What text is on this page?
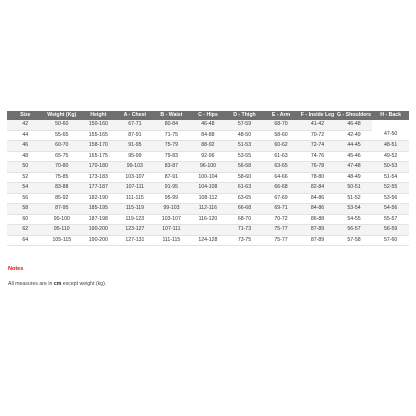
Size	Weight (Kg)	Height	A - Chest	B - Waist	C - Hips	D - Thigh	E - Arm	F - Inside Leg	G - Shoulders	H - Back
42	50-60	150-160	67-71	80-84	46-48	57-59	68-70	41-42	46-48	
44	55-65	155-165	87-91	71-75	84-88	48-50	58-60	70-72	42-49	47-50
46	60-70	158-170	91-95	75-79	88-92	51-53	60-62	72-74	44-45	48-51
48	65-75	165-175	95-99	79-83	92-96	53-55	61-63	74-76	45-46	49-52
50	70-80	170-180	99-103	83-87	96-100	56-58	63-65	76-78	47-48	50-53
52	75-85	173-183	103-107	87-91	100-104	58-60	64-66	78-80	48-49	51-54
54	83-88	177-187	107-111	91-95	104-108	61-63	66-68	82-84	50-51	52-55
56	85-92	182-190	111-115	95-99	108-112	63-65	67-69	84-86	51-52	53-56
58	87-95	185-195	115-119	99-103	112-116	66-68	69-71	84-86	53-54	54-56
60	90-100	187-198	119-123	103-107	116-120	68-70	70-72	86-88	54-55	55-57
62	95-110	190-200	123-127	107-111		71-73	75-77	87-89	56-57	56-59
64	105-115	190-200	127-131	111-115	124-128	73-75	75-77	87-89	57-58	57-60
Notes
All measures are in cm except weight (kg).
